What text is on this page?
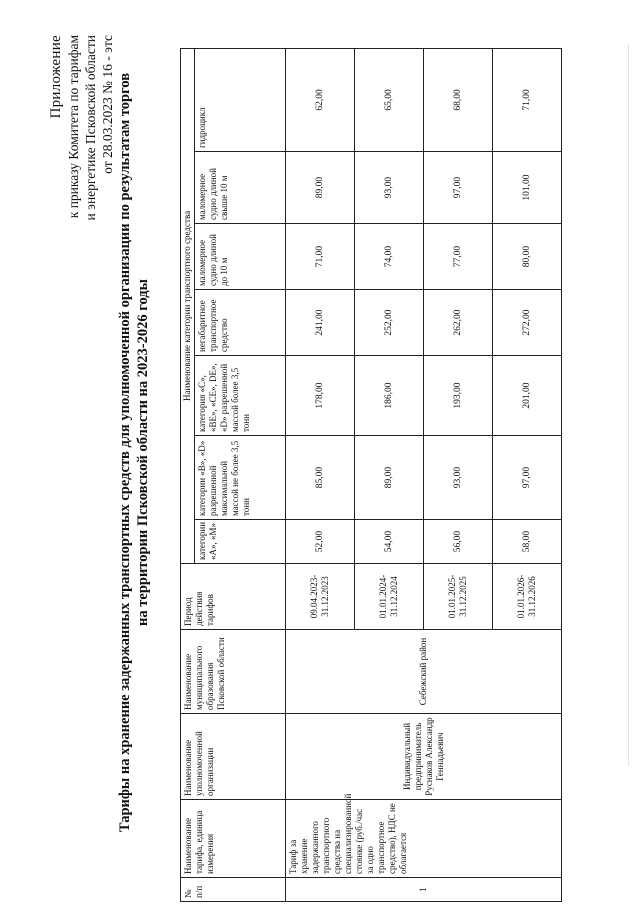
Приложение к приказу Комитета по тарифам и энергетике Псковской области от 28.03.2023 № 16 - этс Тарифы на хранение задержанных транспортных средств для уполномоченной организации по результатам торгов на территории Псковской области на 2023-2026 годы
№ п/п	Наименование тарифа, единица измерения	Наименование уполномоченной организации	Наименование муниципального образования Псковской области	Период действия тарифов	Наименование категории транспортного средства						
					категории «А», «М»	категории «В», «D» разрешенной максимальной массой не более 3,5 тонн	категория «С», «ВЕ», «СЕ», DE», «D» разрешенной массой более 3,5 тонн	негабаритное транспортное средство	маломерное судно длиной до 10 м	маломерное судно длиной свыше 10 м	гидроцикл
1	Тариф за хранение задержанного транспортного средства на специализированной стоянке (руб./час за одно транспортное средство), НДС не облагается	Индивидуальный предприниматель Руснаков Александр Геннадьевич	Себежский район	09.04.2023-31.12.2023	52,00	85,00	178,00	241,00	71,00	89,00	62,00
				01.01.2024-31.12.2024	54,00	89,00	186,00	252,00	74,00	93,00	65,00
				01.01.2025-31.12.2025	56,00	93,00	193,00	262,00	77,00	97,00	68,00
				01.01.2026-31.12.2026	58,00	97,00	201,00	272,00	80,00	101,00	71,00
